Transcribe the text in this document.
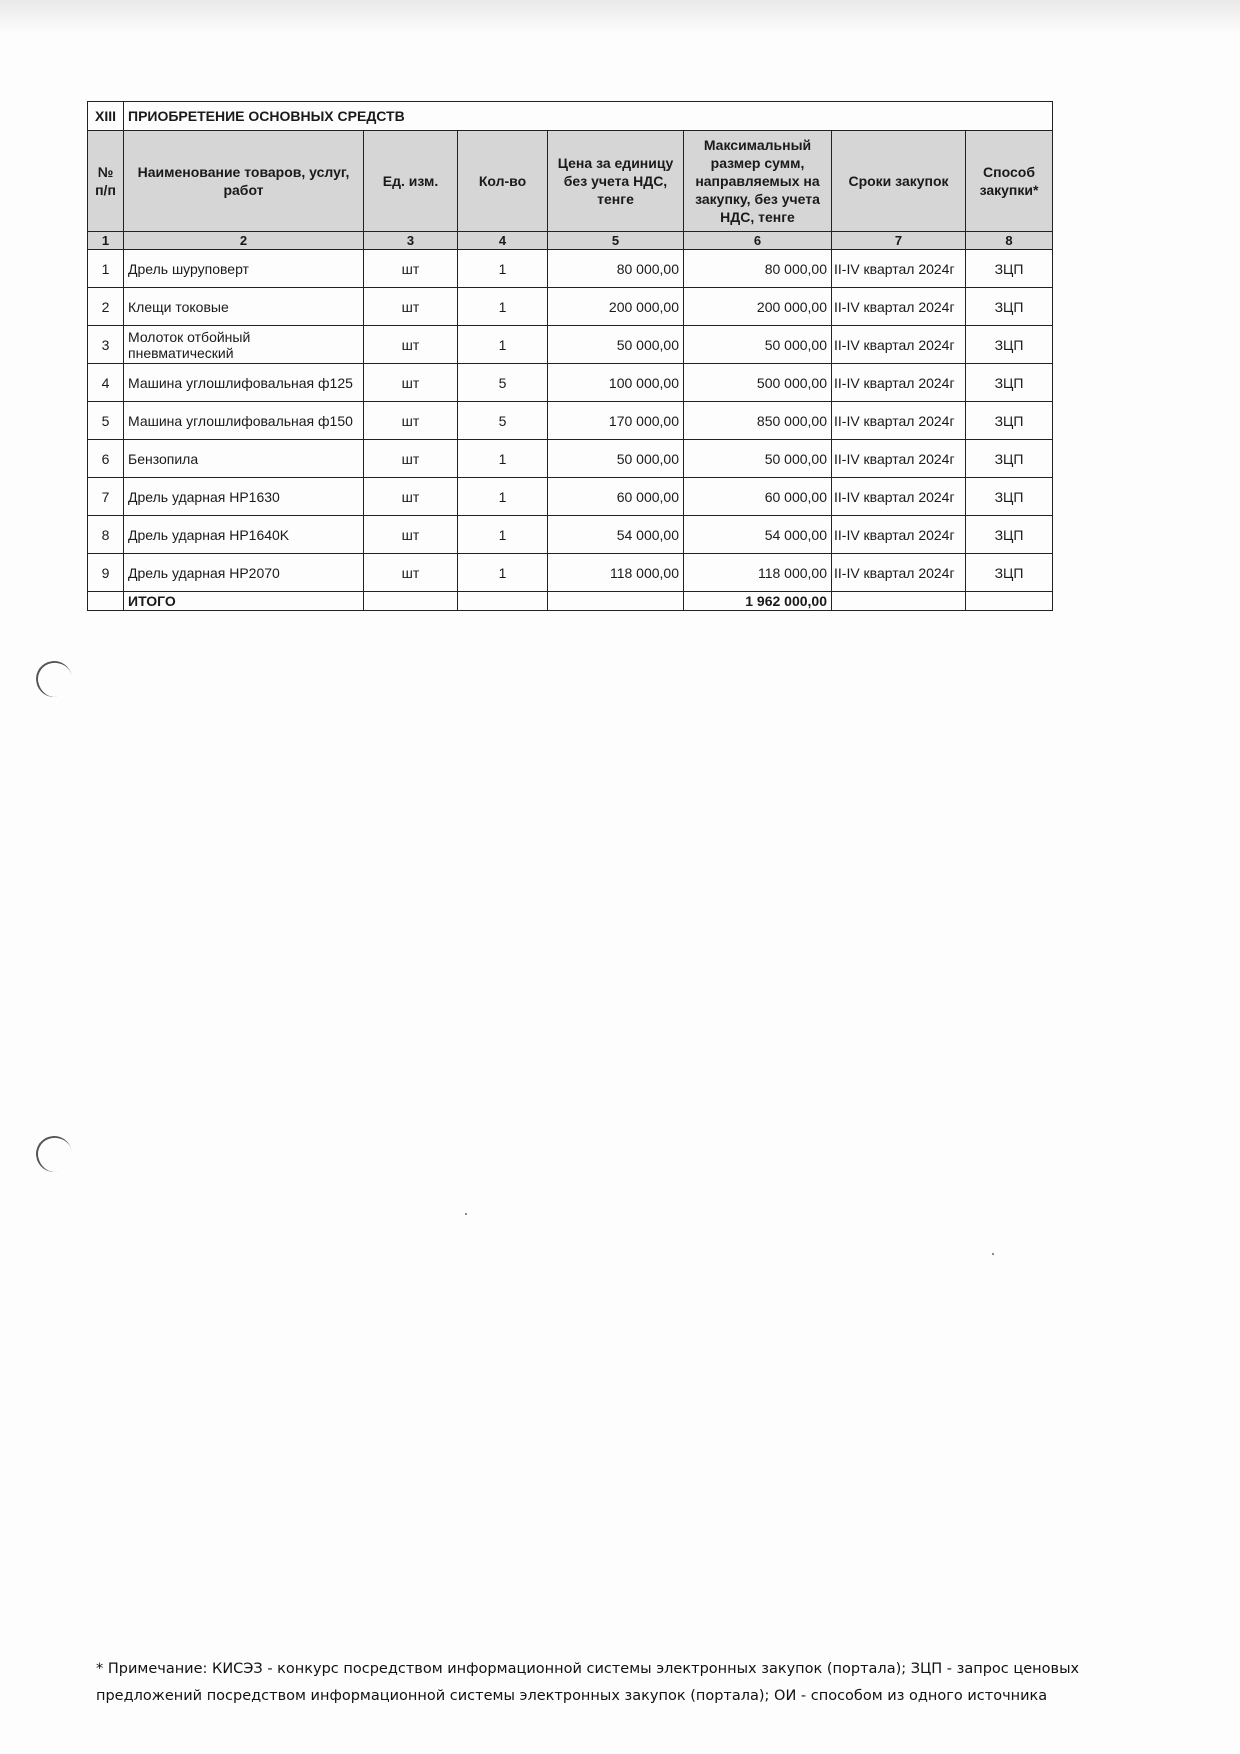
XIII	ПРИОБРЕТЕНИЕ ОСНОВНЫХ СРЕДСТВ						
№ п/п	Наименование товаров, услуг, работ	Ед. изм.	Кол-во	Цена за единицу без учета НДС, тенге	Максимальный размер сумм, направляемых на закупку, без учета НДС, тенге	Сроки закупок	Способ закупки*
1	2	3	4	5	6	7	8
1	Дрель шуруповерт	шт	1	80 000,00	80 000,00	II-IV квартал 2024г	ЗЦП
2	Клещи токовые	шт	1	200 000,00	200 000,00	II-IV квартал 2024г	ЗЦП
3	Молоток отбойный пневматический	шт	1	50 000,00	50 000,00	II-IV квартал 2024г	ЗЦП
4	Машина углошлифовальная ф125	шт	5	100 000,00	500 000,00	II-IV квартал 2024г	ЗЦП
5	Машина углошлифовальная ф150	шт	5	170 000,00	850 000,00	II-IV квартал 2024г	ЗЦП
6	Бензопила	шт	1	50 000,00	50 000,00	II-IV квартал 2024г	ЗЦП
7	Дрель ударная HP1630	шт	1	60 000,00	60 000,00	II-IV квартал 2024г	ЗЦП
8	Дрель ударная HP1640K	шт	1	54 000,00	54 000,00	II-IV квартал 2024г	ЗЦП
9	Дрель ударная HP2070	шт	1	118 000,00	118 000,00	II-IV квартал 2024г	ЗЦП
	ИТОГО				1 962 000,00		
* Примечание: КИСЭЗ - конкурс посредством информационной системы электронных закупок (портала); ЗЦП - запрос ценовых
предложений посредством информационной системы электронных закупок (портала); ОИ - способом из одного источника
